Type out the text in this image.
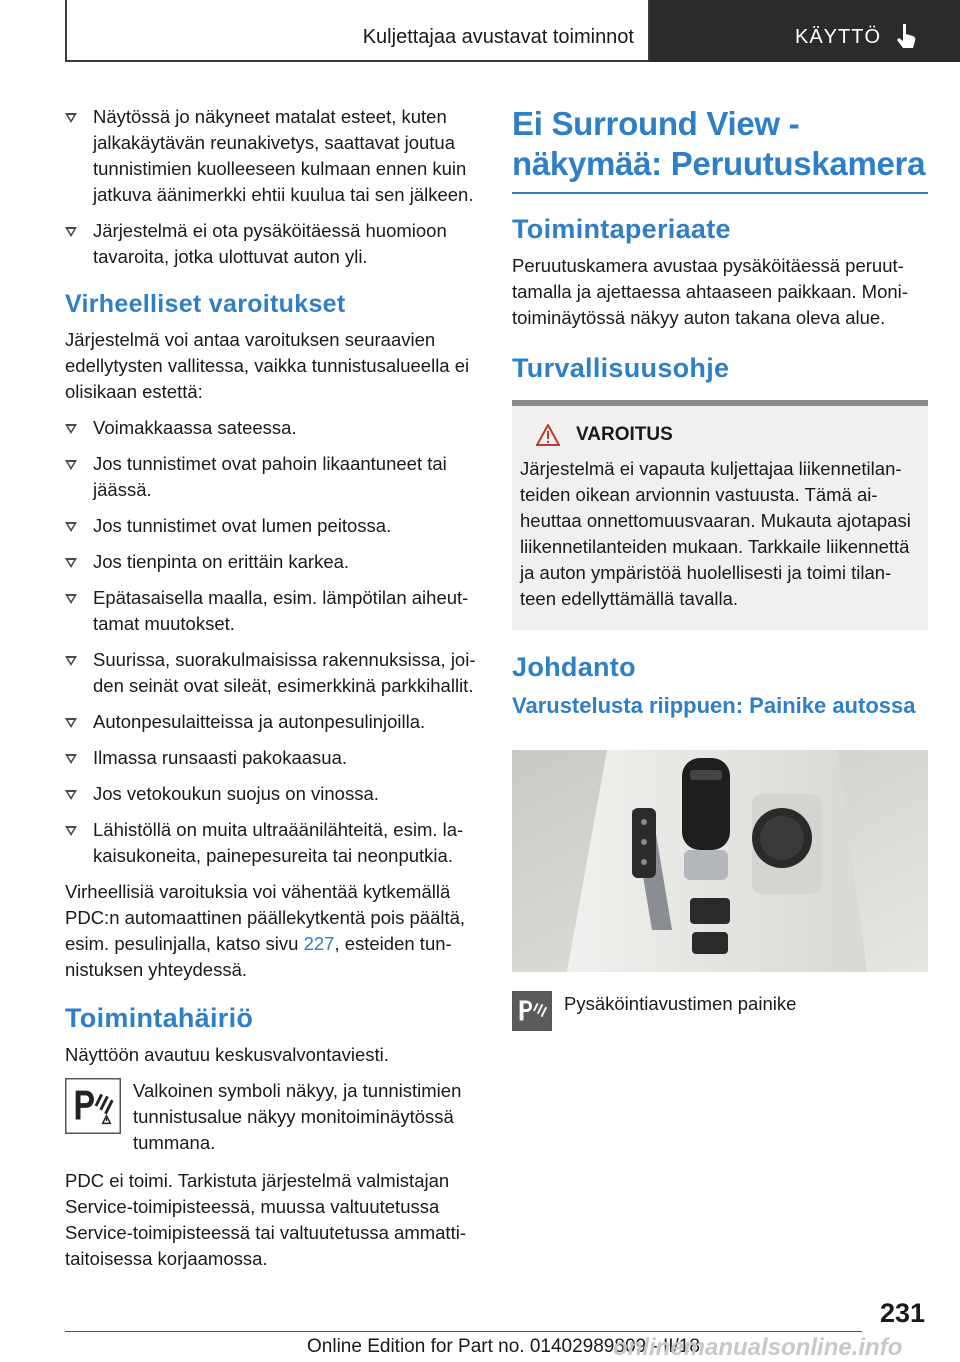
Kuljettajaa avustavat toiminnot	KÄYTTÖ
Näytössä jo näkyneet matalat esteet, kuten jalkakäytävän reunakivetys, saattavat joutua tunnistimien kuolleeseen kulmaan ennen kuin jatkuva äänimerkki ehtii kuulua tai sen jälkeen.
Järjestelmä ei ota pysäköitäessä huomioon tavaroita, jotka ulottuvat auton yli.
Virheelliset varoitukset
Järjestelmä voi antaa varoituksen seuraavien edellytysten vallitessa, vaikka tunnistusalueella ei olisikaan estettä:
Voimakkaassa sateessa.
Jos tunnistimet ovat pahoin likaantuneet tai jäässä.
Jos tunnistimet ovat lumen peitossa.
Jos tienpinta on erittäin karkea.
Epätasaisella maalla, esim. lämpötilan aiheuttamat muutokset.
Suurissa, suorakulmaisissa rakennuksissa, joiden seinät ovat sileät, esimerkkinä parkkihallit.
Autonpesulaitteissa ja autonpesulinjoilla.
Ilmassa runsaasti pakokaasua.
Jos vetokoukun suojus on vinossa.
Lähistöllä on muita ultraäänilähteitä, esim. lakaisukoneita, painepesureita tai neonputkia.
Virheellisiä varoituksia voi vähentää kytkemällä PDC:n automaattinen päällekytkentä pois päältä, esim. pesulinjalla, katso sivu 227, esteiden tunnistuksen yhteydessä.
Toimintahäiriö
Näyttöön avautuu keskusvalvontaviesti.
Valkoinen symboli näkyy, ja tunnistimien tunnistusalue näkyy monitoiminäytössä tummana.
PDC ei toimi. Tarkistuta järjestelmä valmistajan Service-toimipisteessä, muussa valtuutetussa Service-toimipisteessä tai valtuutetussa ammattitaitoisessa korjaamossa.
Ei Surround View -näkymää: Peruutuskamera
Toimintaperiaate
Peruutuskamera avustaa pysäköitäessä peruuttamalla ja ajettaessa ahtaaseen paikkaan. Monitoiminäytössä näkyy auton takana oleva alue.
Turvallisuusohje
VAROITUS
Järjestelmä ei vapauta kuljettajaa liikennetilanteiden oikean arvionnin vastuusta. Tämä aiheuttaa onnettomuusvaaran. Mukauta ajotapasi liikennetilanteiden mukaan. Tarkkaile liikennettä ja auton ympäristöä huolellisesti ja toimi tilanteen edellyttämällä tavalla.
Johdanto
Varustelusta riippuen: Painike autossa
Pysäköintiavustimen painike
231
Online Edition for Part no. 01402989809 - II/18
onlinemanualsonline.info
